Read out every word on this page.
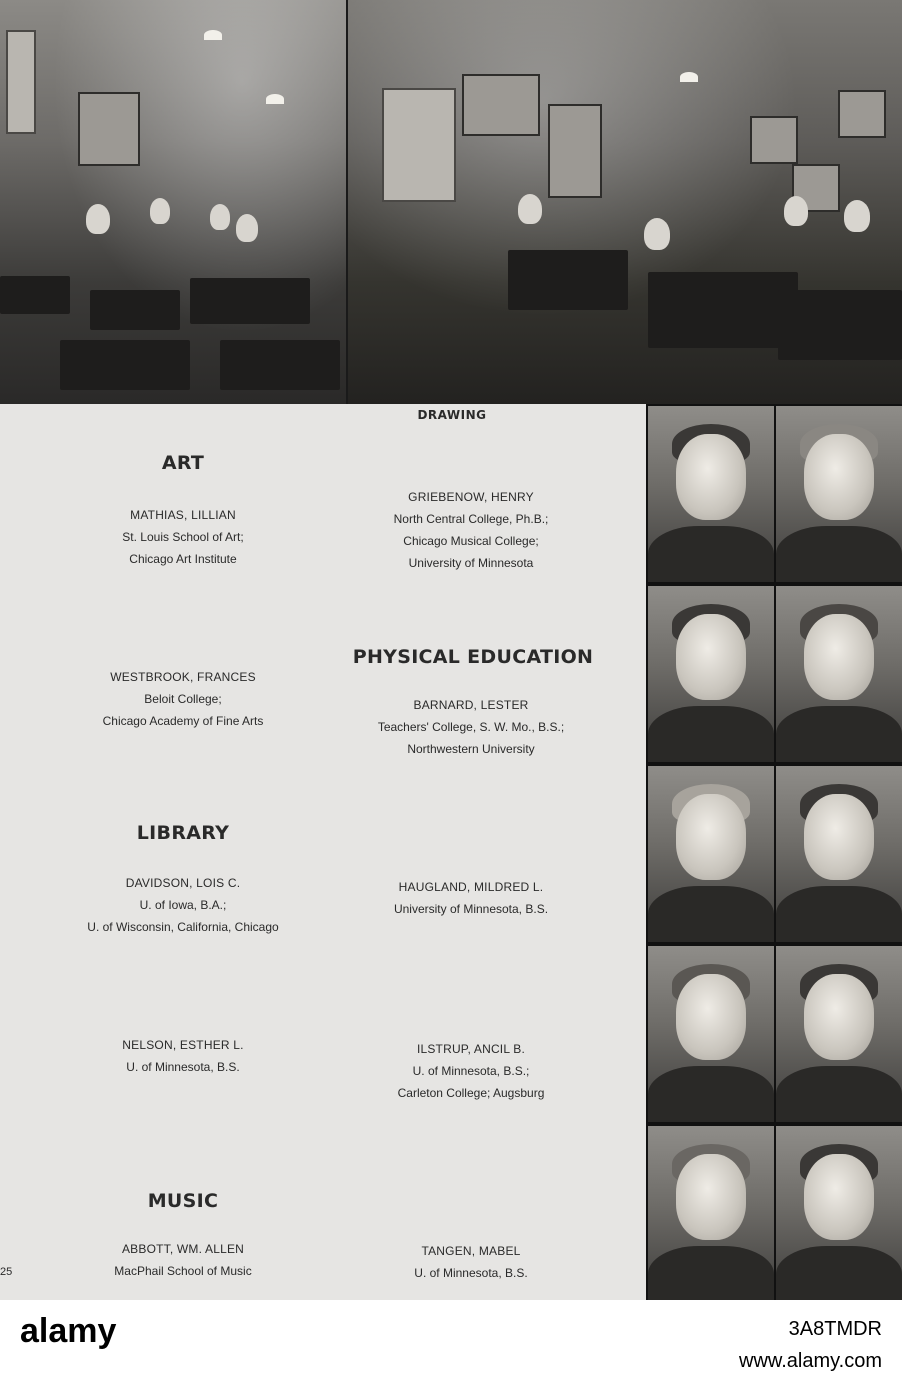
DRAWING
ART
PHYSICAL EDUCATION
LIBRARY
MUSIC
MATHIAS, LILLIAN
St. Louis School of Art;
Chicago Art Institute
GRIEBENOW, HENRY
North Central College, Ph.B.;
Chicago Musical College;
University of Minnesota
WESTBROOK, FRANCES
Beloit College;
Chicago Academy of Fine Arts
BARNARD, LESTER
Teachers' College, S. W. Mo., B.S.;
Northwestern University
DAVIDSON, LOIS C.
U. of Iowa, B.A.;
U. of Wisconsin, California, Chicago
HAUGLAND, MILDRED L.
University of Minnesota, B.S.
NELSON, ESTHER L.
U. of Minnesota, B.S.
ILSTRUP, ANCIL B.
U. of Minnesota, B.S.;
Carleton College; Augsburg
ABBOTT, WM. ALLEN
MacPhail School of Music
TANGEN, MABEL
U. of Minnesota, B.S.
25
alamy	3A8TMDR
www.alamy.com
